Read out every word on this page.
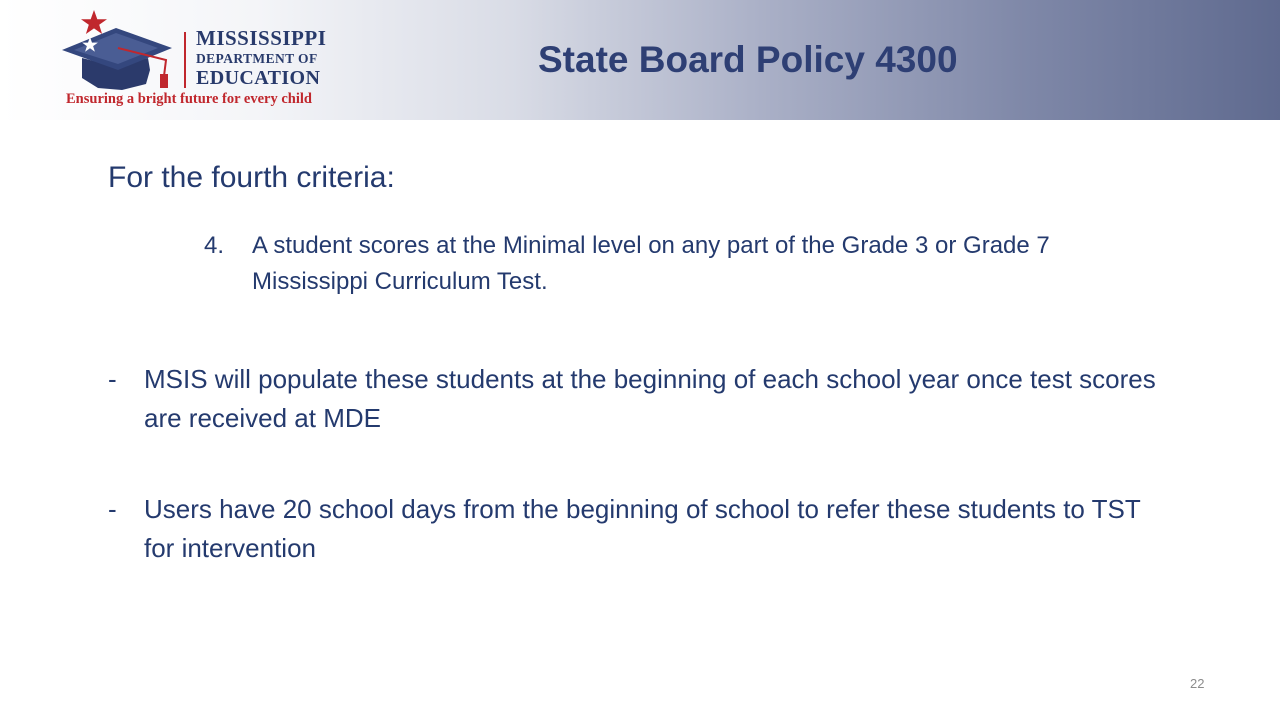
MISSISSIPPI
DEPARTMENT OF
EDUCATION
Ensuring a bright future for every child
State Board Policy 4300
For the fourth criteria:
4. A student scores at the Minimal level on any part of the Grade 3 or Grade 7 Mississippi Curriculum Test.
- MSIS will populate these students at the beginning of each school year once test scores are received at MDE
- Users have 20 school days from the beginning of school to refer these students to TST for intervention
22
